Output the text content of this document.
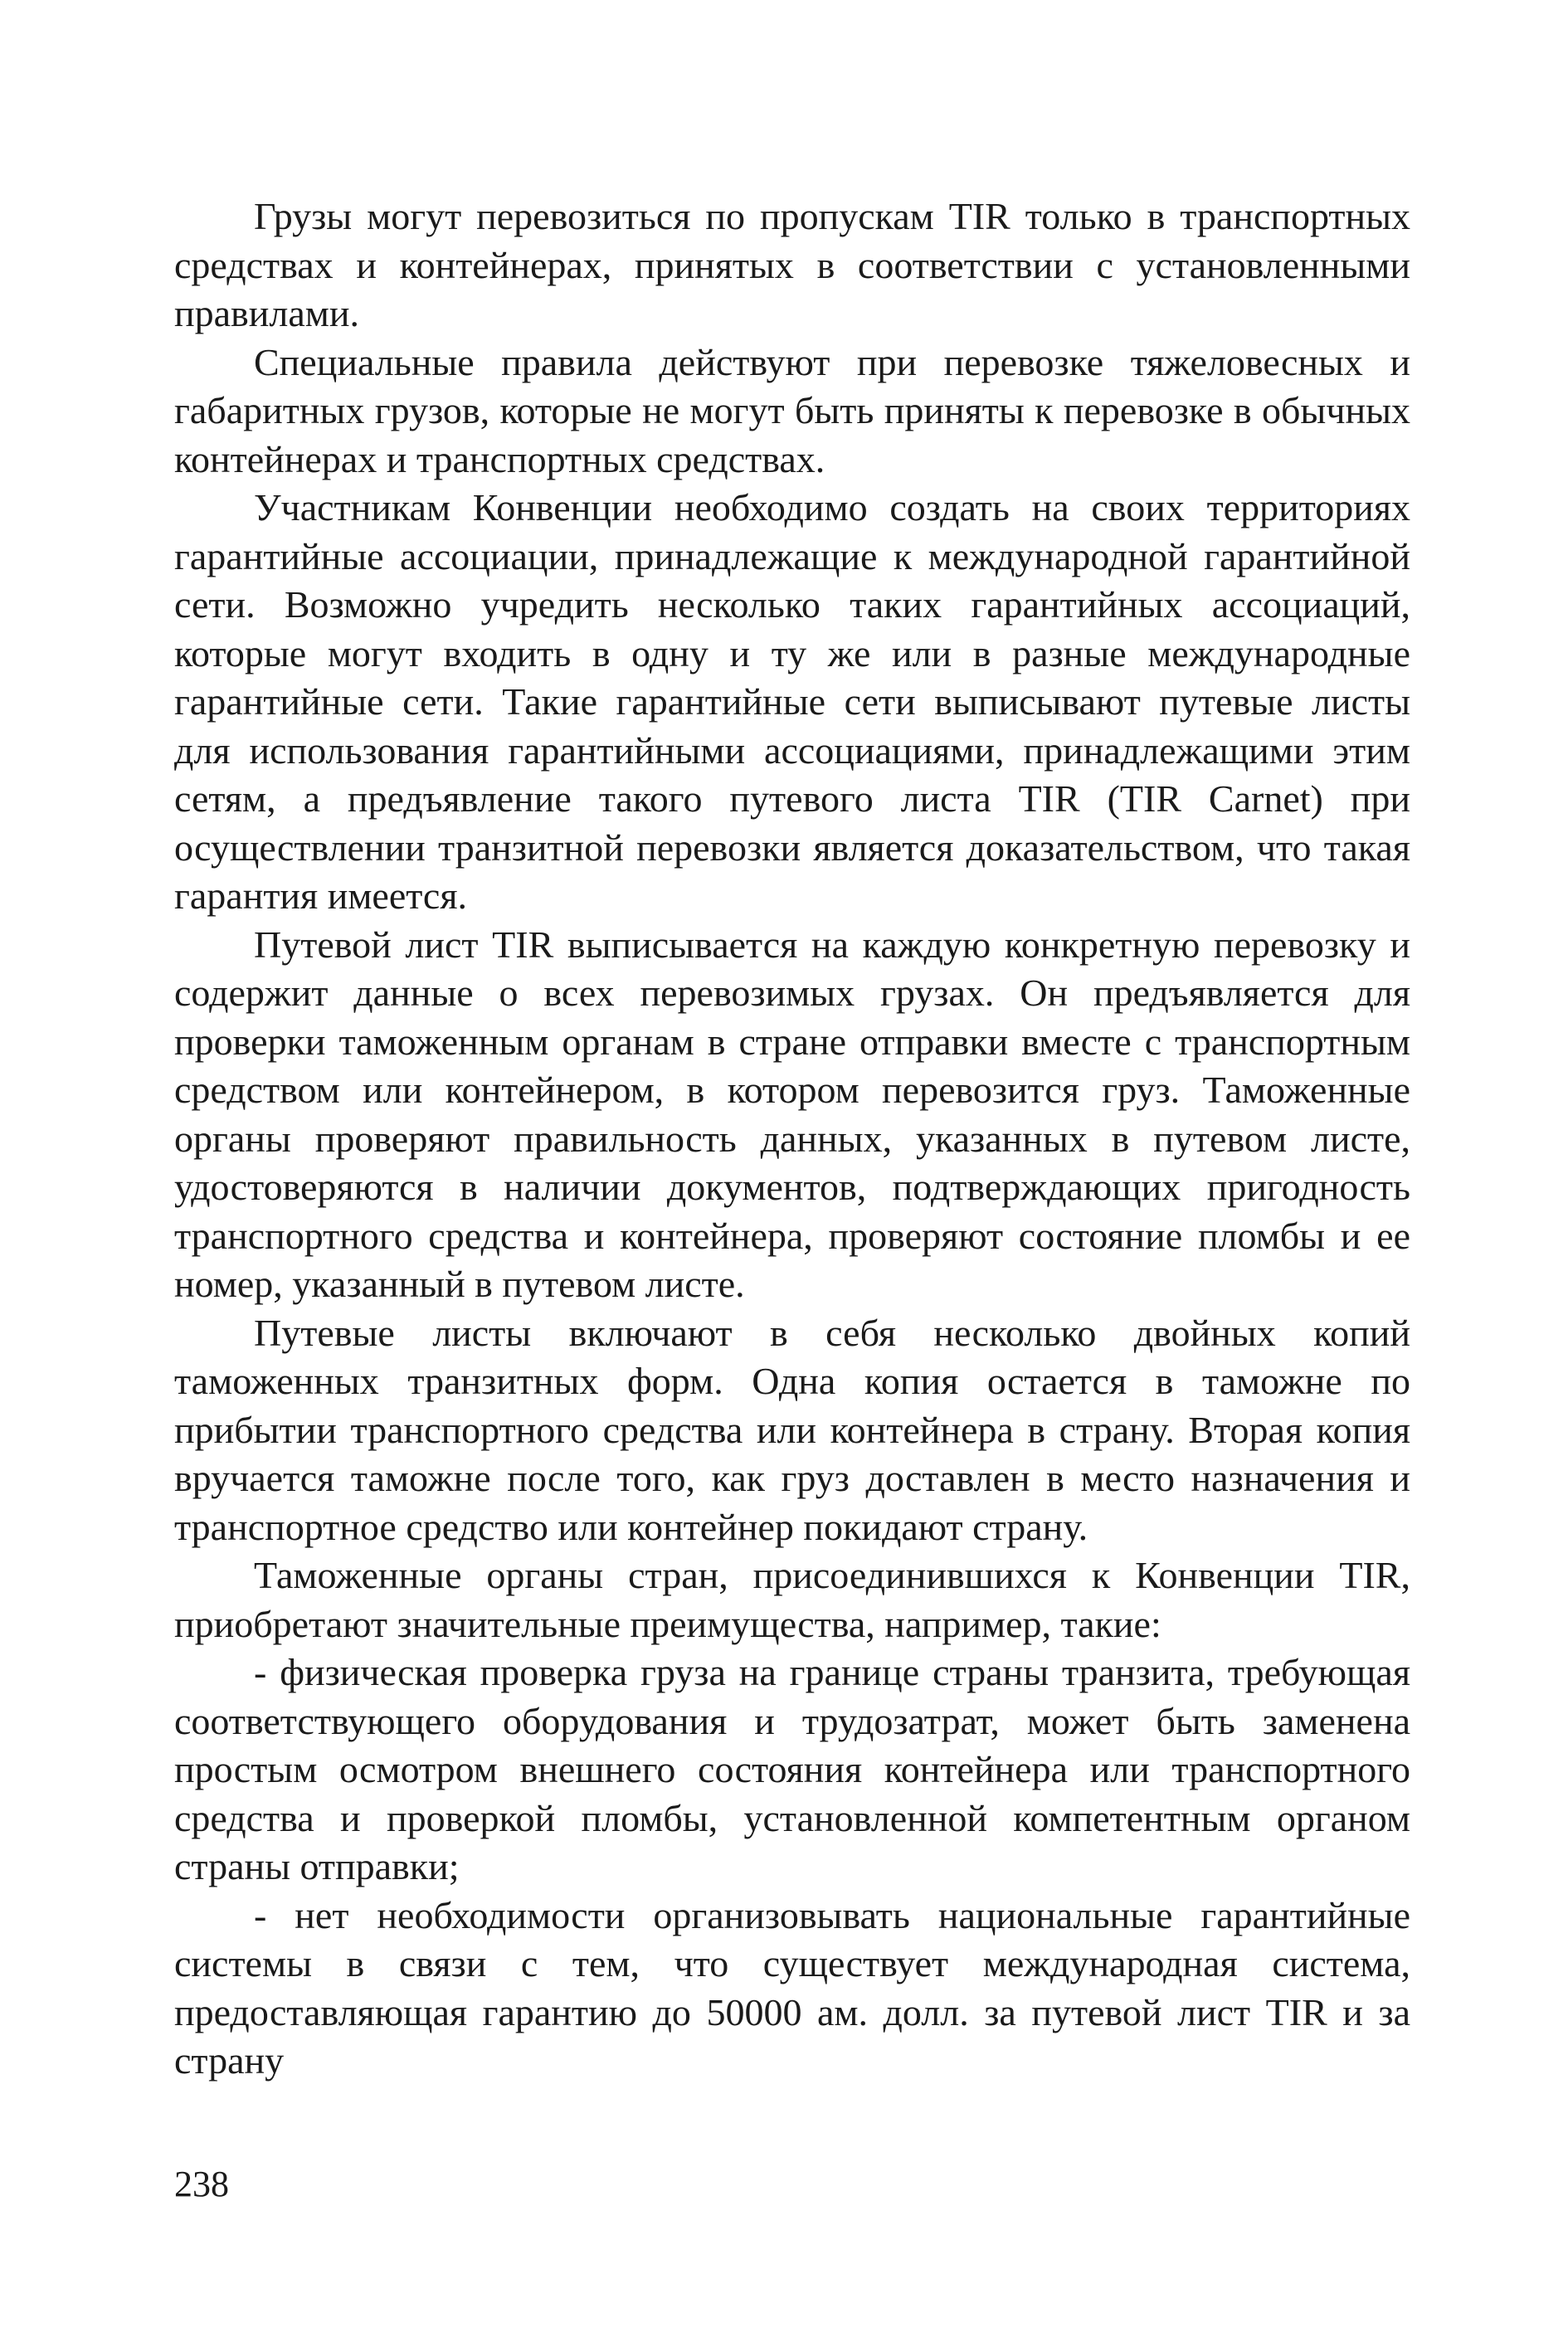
Грузы могут перевозиться по пропускам TIR только в транспортных средствах и контейнерах, принятых в соответствии с установленными правилами.

Специальные правила действуют при перевозке тяжеловесных и габаритных грузов, которые не могут быть приняты к перевозке в обычных контейнерах и транспортных средствах.

Участникам Конвенции необходимо создать на своих территориях гарантийные ассоциации, принадлежащие к международной гарантийной сети. Возможно учредить несколько таких гарантийных ассоциаций, которые могут входить в одну и ту же или в разные международные гарантийные сети. Такие гарантийные сети выписывают путевые листы для использования гарантийными ассоциациями, принадлежащими этим сетям, а предъявление такого путевого листа TIR (TIR Carnet) при осуществлении транзитной перевозки является доказательством, что такая гарантия имеется.

Путевой лист TIR выписывается на каждую конкретную перевозку и содержит данные о всех перевозимых грузах. Он предъявляется для проверки таможенным органам в стране отправки вместе с транспортным средством или контейнером, в котором перевозится груз. Таможенные органы проверяют правильность данных, указанных в путевом листе, удостоверяются в наличии документов, подтверждающих пригодность транспортного средства и контейнера, проверяют состояние пломбы и ее номер, указанный в путевом листе.

Путевые листы включают в себя несколько двойных копий таможенных транзитных форм. Одна копия остается в таможне по прибытии транспортного средства или контейнера в страну. Вторая копия вручается таможне после того, как груз доставлен в место назначения и транспортное средство или контейнер покидают страну.

Таможенные органы стран, присоединившихся к Конвенции TIR, приобретают значительные преимущества, например, такие:

- физическая проверка груза на границе страны транзита, требующая соответствующего оборудования и трудозатрат, может быть заменена простым осмотром внешнего состояния контейнера или транспортного средства и проверкой пломбы, установленной компетентным органом страны отправки;

- нет необходимости организовывать национальные гарантийные системы в связи с тем, что существует международная система, предоставляющая гарантию до 50000 ам. долл. за путевой лист TIR и за страну

238
